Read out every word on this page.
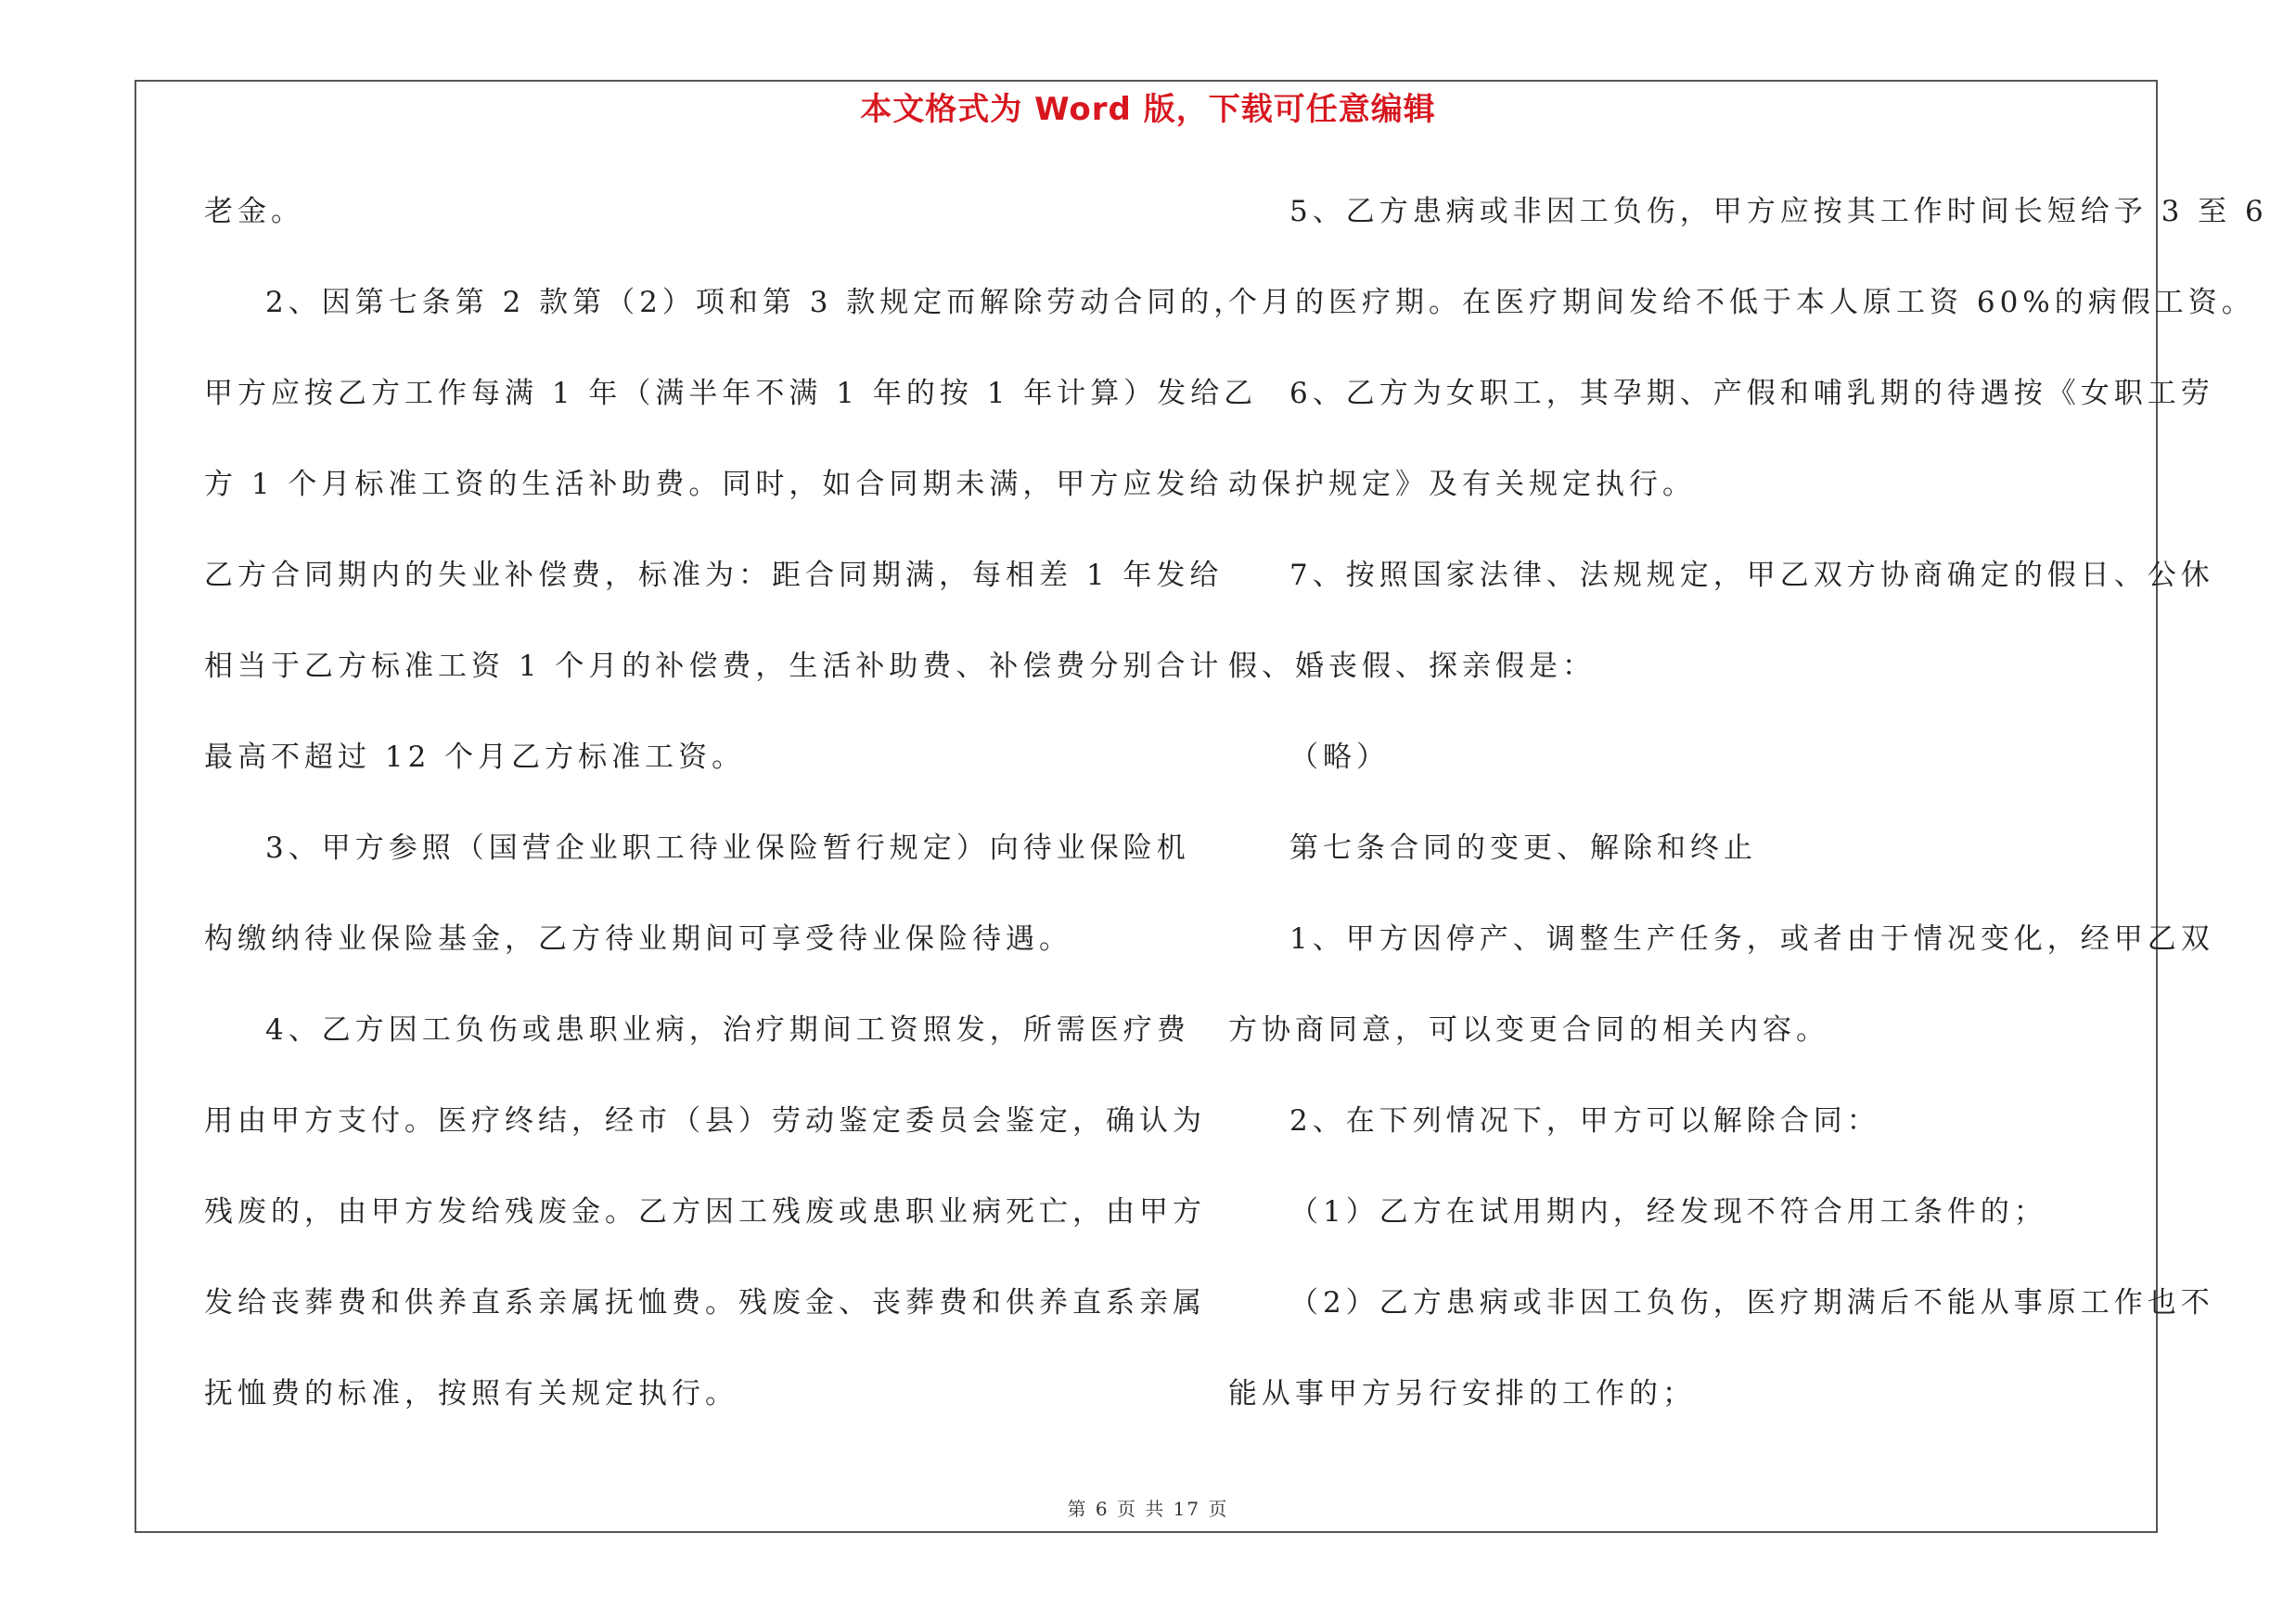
本文格式为 Word 版，下载可任意编辑
老金。
2、因第七条第 2 款第（2）项和第 3 款规定而解除劳动合同的，
甲方应按乙方工作每满 1 年（满半年不满 1 年的按 1 年计算）发给乙
方 1 个月标准工资的生活补助费。同时，如合同期未满，甲方应发给
乙方合同期内的失业补偿费，标准为：距合同期满，每相差 1 年发给
相当于乙方标准工资 1 个月的补偿费，生活补助费、补偿费分别合计
最高不超过 12 个月乙方标准工资。
3、甲方参照（国营企业职工待业保险暂行规定）向待业保险机
构缴纳待业保险基金，乙方待业期间可享受待业保险待遇。
4、乙方因工负伤或患职业病，治疗期间工资照发，所需医疗费
用由甲方支付。医疗终结，经市（县）劳动鉴定委员会鉴定，确认为
残废的，由甲方发给残废金。乙方因工残废或患职业病死亡，由甲方
发给丧葬费和供养直系亲属抚恤费。残废金、丧葬费和供养直系亲属
抚恤费的标准，按照有关规定执行。
5、乙方患病或非因工负伤，甲方应按其工作时间长短给予 3 至 6
个月的医疗期。在医疗期间发给不低于本人原工资 60%的病假工资。
6、乙方为女职工，其孕期、产假和哺乳期的待遇按《女职工劳
动保护规定》及有关规定执行。
7、按照国家法律、法规规定，甲乙双方协商确定的假日、公休
假、婚丧假、探亲假是：
（略）
第七条合同的变更、解除和终止
1、甲方因停产、调整生产任务，或者由于情况变化，经甲乙双
方协商同意，可以变更合同的相关内容。
2、在下列情况下，甲方可以解除合同：
（1）乙方在试用期内，经发现不符合用工条件的；
（2）乙方患病或非因工负伤，医疗期满后不能从事原工作也不
能从事甲方另行安排的工作的；
第 6 页 共 17 页
